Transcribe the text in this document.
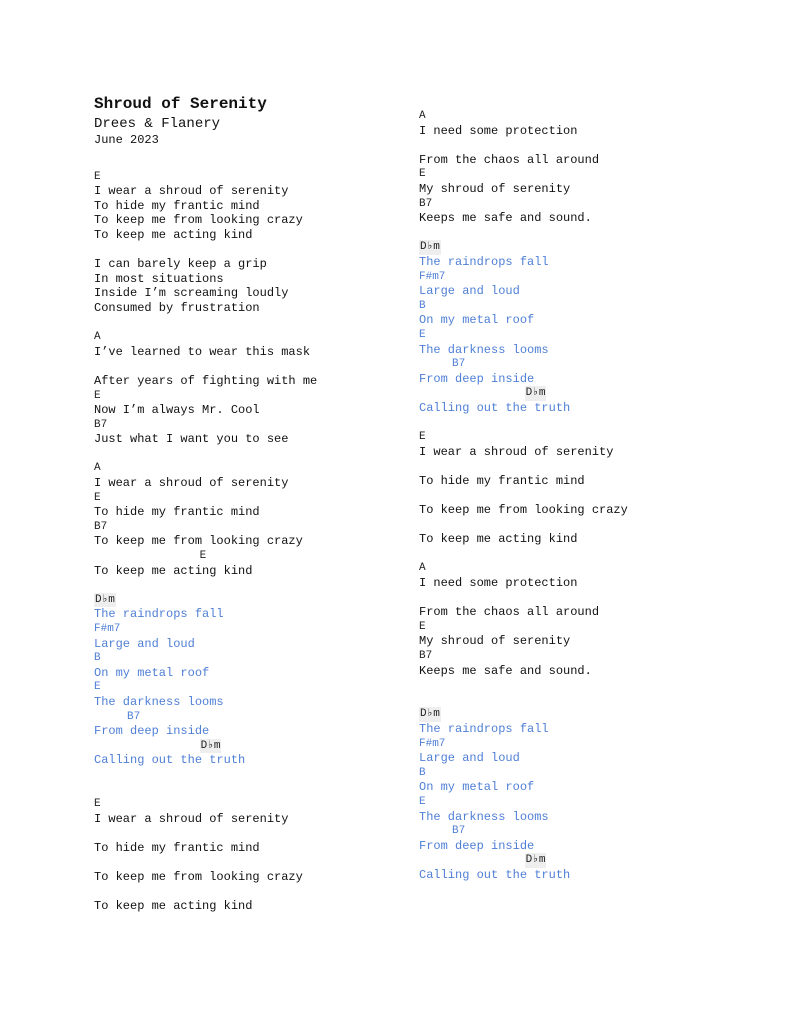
Shroud of Serenity
Drees & Flanery
June 2023
E
I wear a shroud of serenity
To hide my frantic mind
To keep me from looking crazy
To keep me acting kind
I can barely keep a grip
In most situations
Inside I’m screaming loudly
Consumed by frustration
A
I’ve learned to wear this mask
After years of fighting with me
E
Now I’m always Mr. Cool
B7
Just what I want you to see
A
I wear a shroud of serenity
E
To hide my frantic mind
B7
To keep me from looking crazy
E
To keep me acting kind
D♭m
The raindrops fall
F#m7
Large and loud
B
On my metal roof
E
The darkness looms
B7
From deep inside
D♭m
Calling out the truth
E
I wear a shroud of serenity
To hide my frantic mind
To keep me from looking crazy
To keep me acting kind
A
I need some protection
From the chaos all around
E
My shroud of serenity
B7
Keeps me safe and sound.
D♭m
The raindrops fall
F#m7
Large and loud
B
On my metal roof
E
The darkness looms
B7
From deep inside
D♭m
Calling out the truth
E
I wear a shroud of serenity
To hide my frantic mind
To keep me from looking crazy
To keep me acting kind
A
I need some protection
From the chaos all around
E
My shroud of serenity
B7
Keeps me safe and sound.
D♭m
The raindrops fall
F#m7
Large and loud
B
On my metal roof
E
The darkness looms
B7
From deep inside
D♭m
Calling out the truth
